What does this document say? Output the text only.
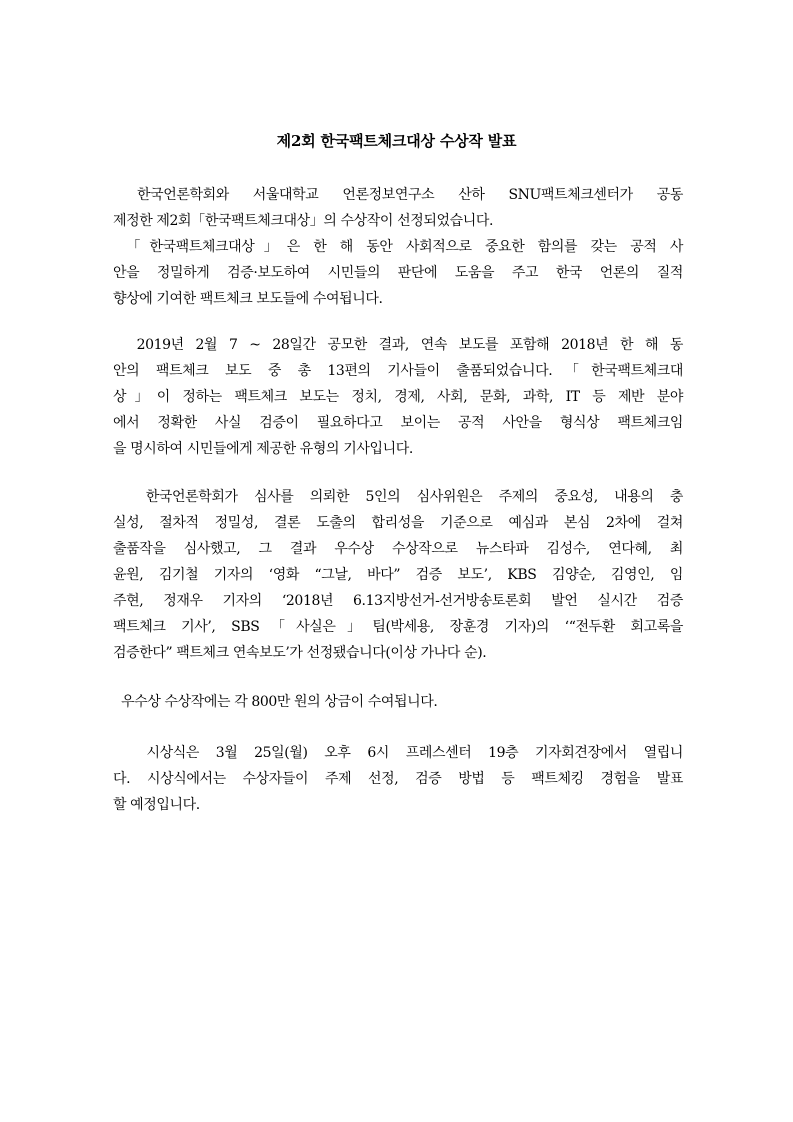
제2회 한국팩트체크대상 수상작 발표
한국언론학회와 서울대학교 언론정보연구소 산하 SNU팩트체크센터가 공동
제정한 제2회「한국팩트체크대상」의 수상작이 선정되었습니다.
「한국팩트체크대상」은 한 해 동안 사회적으로 중요한 함의를 갖는 공적 사
안을 정밀하게 검증·보도하여 시민들의 판단에 도움을 주고 한국 언론의 질적
향상에 기여한 팩트체크 보도들에 수여됩니다.
2019년 2월 7 ~ 28일간 공모한 결과, 연속 보도를 포함해 2018년 한 해 동
안의 팩트체크 보도 중 총 13편의 기사들이 출품되었습니다.「한국팩트체크대
상」이 정하는 팩트체크 보도는 정치, 경제, 사회, 문화, 과학, IT 등 제반 분야
에서 정확한 사실 검증이 필요하다고 보이는 공적 사안을 형식상 팩트체크임
을 명시하여 시민들에게 제공한 유형의 기사입니다.
한국언론학회가 심사를 의뢰한 5인의 심사위원은 주제의 중요성, 내용의 충
실성, 절차적 정밀성, 결론 도출의 합리성을 기준으로 예심과 본심 2차에 걸쳐
출품작을 심사했고, 그 결과 우수상 수상작으로 뉴스타파 김성수, 연다혜, 최
윤원, 김기철 기자의 ‘영화 “그날, 바다” 검증 보도’, KBS 김양순, 김영인, 임
주현, 정재우 기자의 ‘2018년 6.13지방선거-선거방송토론회 발언 실시간 검증
팩트체크 기사’, SBS「사실은」팀(박세용, 장훈경 기자)의 ‘“전두환 회고록을
검증한다” 팩트체크 연속보도’가 선정됐습니다(이상 가나다 순).
우수상 수상작에는 각 800만 원의 상금이 수여됩니다.
시상식은 3월 25일(월) 오후 6시 프레스센터 19층 기자회견장에서 열립니
다. 시상식에서는 수상자들이 주제 선정, 검증 방법 등 팩트체킹 경험을 발표
할 예정입니다.
